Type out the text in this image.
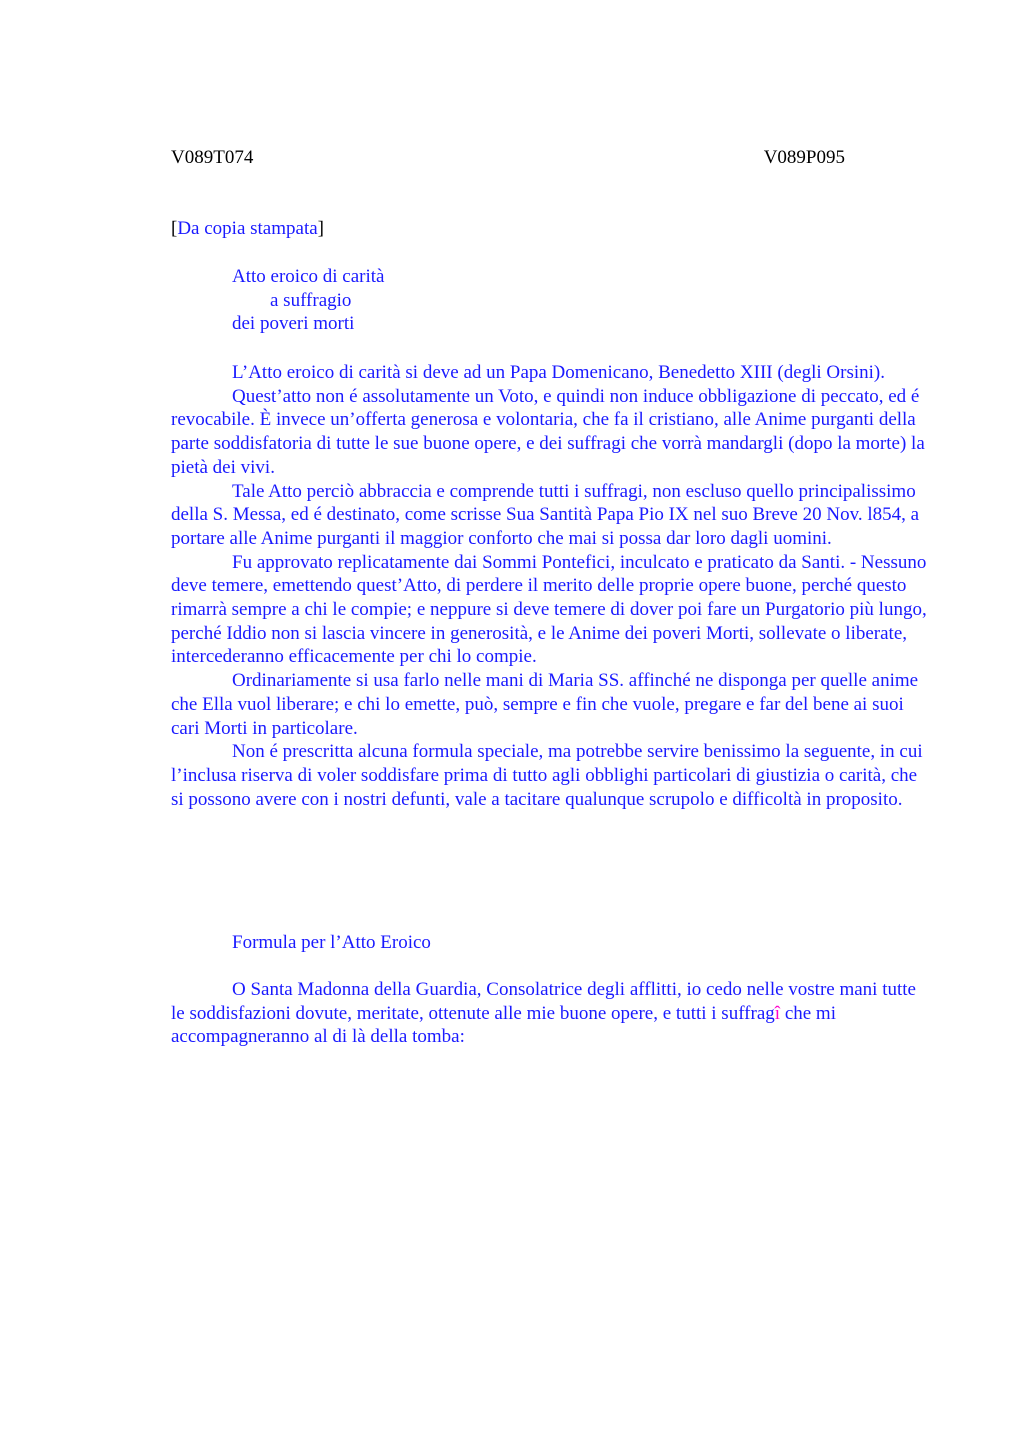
V089T074	V089P095
[Da copia stampata]
Atto eroico di carità
a suffragio
dei poveri morti

L’Atto eroico di carità si deve ad un Papa Domenicano, Benedetto XIII (degli Orsini).

Quest’atto non é assolutamente un Voto, e quindi non induce obbligazione di peccato, ed é revocabile. È invece un’offerta generosa e volontaria, che fa il cristiano, alle Anime purganti della parte soddisfatoria di tutte le sue buone opere, e dei suffragi che vorrà mandargli (dopo la morte) la pietà dei vivi.

Tale Atto perciò abbraccia e comprende tutti i suffragi, non escluso quello principalissimo della S. Messa, ed é destinato, come scrisse Sua Santità Papa Pio IX nel suo Breve 20 Nov. l854, a portare alle Anime purganti il maggior conforto che mai si possa dar loro dagli uomini.

Fu approvato replicatamente dai Sommi Pontefici, inculcato e praticato da Santi. - Nessuno deve temere, emettendo quest’Atto, di perdere il merito delle proprie opere buone, perché questo rimarrà sempre a chi le compie; e neppure si deve temere di dover poi fare un Purgatorio più lungo, perché Iddio non si lascia vincere in generosità, e le Anime dei poveri Morti, sollevate o liberate, intercederanno efficacemente per chi lo compie.

Ordinariamente si usa farlo nelle mani di Maria SS. affinché ne disponga per quelle anime che Ella vuol liberare; e chi lo emette, può, sempre e fin che vuole, pregare e far del bene ai suoi cari Morti in particolare.

Non é prescritta alcuna formula speciale, ma potrebbe servire benissimo la seguente, in cui l’inclusa riserva di voler soddisfare prima di tutto agli obblighi particolari di giustizia o carità, che si possono avere con i nostri defunti, vale a tacitare qualunque scrupolo e difficoltà in proposito.

Formula per l’Atto Eroico

O Santa Madonna della Guardia, Consolatrice degli afflitti, io cedo nelle vostre mani tutte le soddisfazioni dovute, meritate, ottenute alle mie buone opere, e tutti i suffragî che mi accompagneranno al di là della tomba:
